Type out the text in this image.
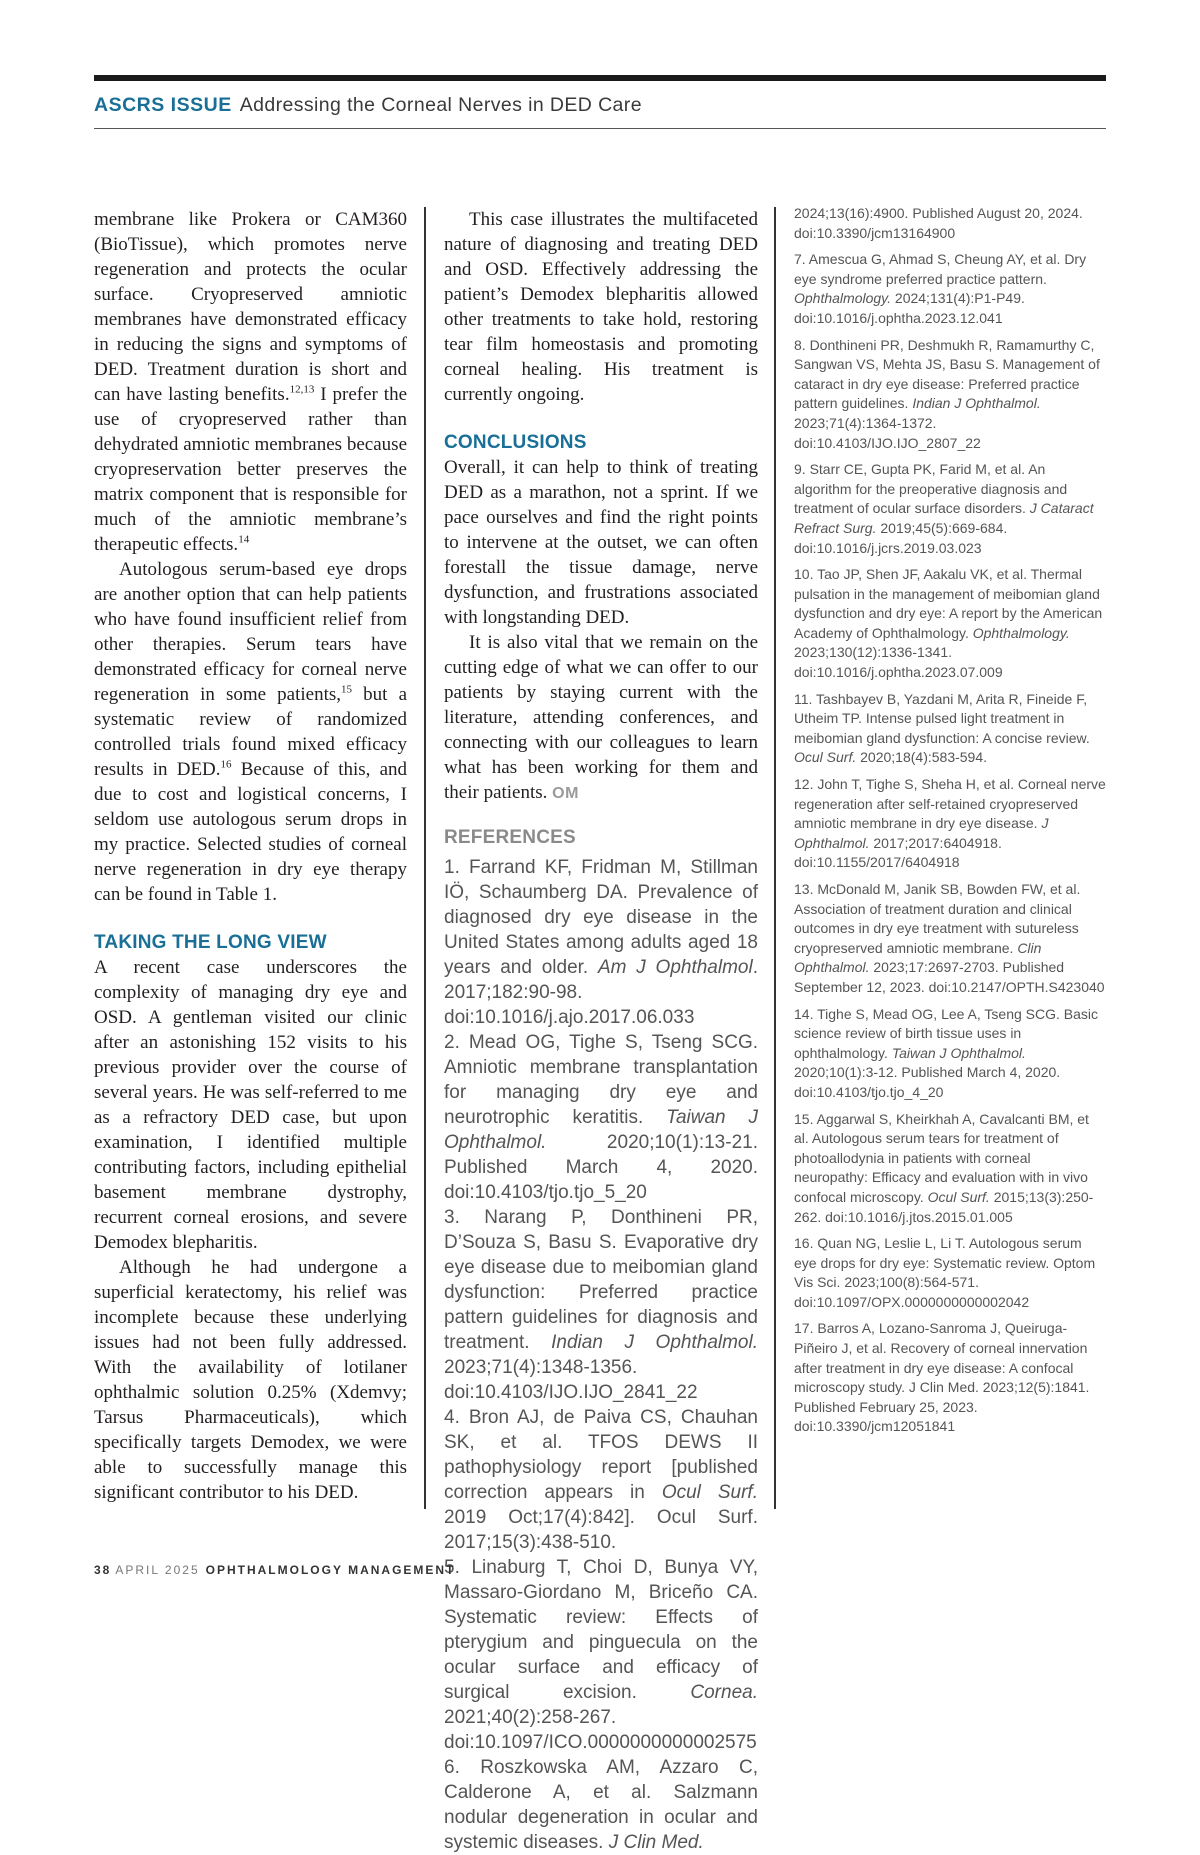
ASCRS ISSUE Addressing the Corneal Nerves in DED Care

membrane like Prokera or CAM360 (BioTissue), which promotes nerve regeneration and protects the ocular surface. Cryopreserved amniotic membranes have demonstrated efficacy in reducing the signs and symptoms of DED. Treatment duration is short and can have lasting benefits.$^{12,13}$ I prefer the use of cryopreserved rather than dehydrated amniotic membranes because cryopreservation better preserves the matrix component that is responsible for much of the amniotic membrane’s therapeutic effects.$^{14}$

Autologous serum-based eye drops are another option that can help patients who have found insufficient relief from other therapies. Serum tears have demonstrated efficacy for corneal nerve regeneration in some patients,$^{15}$ but a systematic review of randomized controlled trials found mixed efficacy results in DED.$^{16}$ Because of this, and due to cost and logistical concerns, I seldom use autologous serum drops in my practice. Selected studies of corneal nerve regeneration in dry eye therapy can be found in Table 1.

TAKING THE LONG VIEW

A recent case underscores the complexity of managing dry eye and OSD. A gentleman visited our clinic after an astonishing 152 visits to his previous provider over the course of several years. He was self-referred to me as a refractory DED case, but upon examination, I identified multiple contributing factors, including epithelial basement membrane dystrophy, recurrent corneal erosions, and severe Demodex blepharitis.

Although he had undergone a superficial keratectomy, his relief was incomplete because these underlying issues had not been fully addressed. With the availability of lotilaner ophthalmic solution 0.25% (Xdemvy; Tarsus Pharmaceuticals), which specifically targets Demodex, we were able to successfully manage this significant contributor to his DED.

This case illustrates the multifaceted nature of diagnosing and treating DED and OSD. Effectively addressing the patient’s Demodex blepharitis allowed other treatments to take hold, restoring tear film homeostasis and promoting corneal healing. His treatment is currently ongoing.

CONCLUSIONS

Overall, it can help to think of treating DED as a marathon, not a sprint. If we pace ourselves and find the right points to intervene at the outset, we can often forestall the tissue damage, nerve dysfunction, and frustrations associated with longstanding DED.

It is also vital that we remain on the cutting edge of what we can offer to our patients by staying current with the literature, attending conferences, and connecting with our colleagues to learn what has been working for them and their patients. OM

REFERENCES

1. Farrand KF, Fridman M, Stillman IÖ, Schaumberg DA. Prevalence of diagnosed dry eye disease in the United States among adults aged 18 years and older. Am J Ophthalmol. 2017;182:90-98. doi:10.1016/j.ajo.2017.06.033

2. Mead OG, Tighe S, Tseng SCG. Amniotic membrane transplantation for managing dry eye and neurotrophic keratitis. Taiwan J Ophthalmol. 2020;10(1):13-21. Published March 4, 2020. doi:10.4103/tjo.tjo_5_20

3. Narang P, Donthineni PR, D’Souza S, Basu S. Evaporative dry eye disease due to meibomian gland dysfunction: Preferred practice pattern guidelines for diagnosis and treatment. Indian J Ophthalmol. 2023;71(4):1348-1356. doi:10.4103/IJO.IJO_2841_22

4. Bron AJ, de Paiva CS, Chauhan SK, et al. TFOS DEWS II pathophysiology report [published correction appears in Ocul Surf. 2019 Oct;17(4):842]. Ocul Surf. 2017;15(3):438-510.

5. Linaburg T, Choi D, Bunya VY, Massaro-Giordano M, Briceño CA. Systematic review: Effects of pterygium and pinguecula on the ocular surface and efficacy of surgical excision. Cornea. 2021;40(2):258-267. doi:10.1097/ICO.0000000000002575

6. Roszkowska AM, Azzaro C, Calderone A, et al. Salzmann nodular degeneration in ocular and systemic diseases. J Clin Med.

2024;13(16):4900. Published August 20, 2024. doi:10.3390/jcm13164900

7. Amescua G, Ahmad S, Cheung AY, et al. Dry eye syndrome preferred practice pattern. Ophthalmology. 2024;131(4):P1-P49. doi:10.1016/j.ophtha.2023.12.041

8. Donthineni PR, Deshmukh R, Ramamurthy C, Sangwan VS, Mehta JS, Basu S. Management of cataract in dry eye disease: Preferred practice pattern guidelines. Indian J Ophthalmol. 2023;71(4):1364-1372. doi:10.4103/IJO.IJO_2807_22

9. Starr CE, Gupta PK, Farid M, et al. An algorithm for the preoperative diagnosis and treatment of ocular surface disorders. J Cataract Refract Surg. 2019;45(5):669-684. doi:10.1016/j.jcrs.2019.03.023

10. Tao JP, Shen JF, Aakalu VK, et al. Thermal pulsation in the management of meibomian gland dysfunction and dry eye: A report by the American Academy of Ophthalmology. Ophthalmology. 2023;130(12):1336-1341. doi:10.1016/j.ophtha.2023.07.009

11. Tashbayev B, Yazdani M, Arita R, Fineide F, Utheim TP. Intense pulsed light treatment in meibomian gland dysfunction: A concise review. Ocul Surf. 2020;18(4):583-594.

12. John T, Tighe S, Sheha H, et al. Corneal nerve regeneration after self-retained cryopreserved amniotic membrane in dry eye disease. J Ophthalmol. 2017;2017:6404918. doi:10.1155/2017/6404918

13. McDonald M, Janik SB, Bowden FW, et al. Association of treatment duration and clinical outcomes in dry eye treatment with sutureless cryopreserved amniotic membrane. Clin Ophthalmol. 2023;17:2697-2703. Published September 12, 2023. doi:10.2147/OPTH.S423040

14. Tighe S, Mead OG, Lee A, Tseng SCG. Basic science review of birth tissue uses in ophthalmology. Taiwan J Ophthalmol. 2020;10(1):3-12. Published March 4, 2020. doi:10.4103/tjo.tjo_4_20

15. Aggarwal S, Kheirkhah A, Cavalcanti BM, et al. Autologous serum tears for treatment of photoallodynia in patients with corneal neuropathy: Efficacy and evaluation with in vivo confocal microscopy. Ocul Surf. 2015;13(3):250-262. doi:10.1016/j.jtos.2015.01.005

16. Quan NG, Leslie L, Li T. Autologous serum eye drops for dry eye: Systematic review. Optom Vis Sci. 2023;100(8):564-571. doi:10.1097/OPX.0000000000002042

17. Barros A, Lozano-Sanroma J, Queiruga-Piñeiro J, et al. Recovery of corneal innervation after treatment in dry eye disease: A confocal microscopy study. J Clin Med. 2023;12(5):1841. Published February 25, 2023. doi:10.3390/jcm12051841

38 APRIL 2025 OPHTHALMOLOGY MANAGEMENT
